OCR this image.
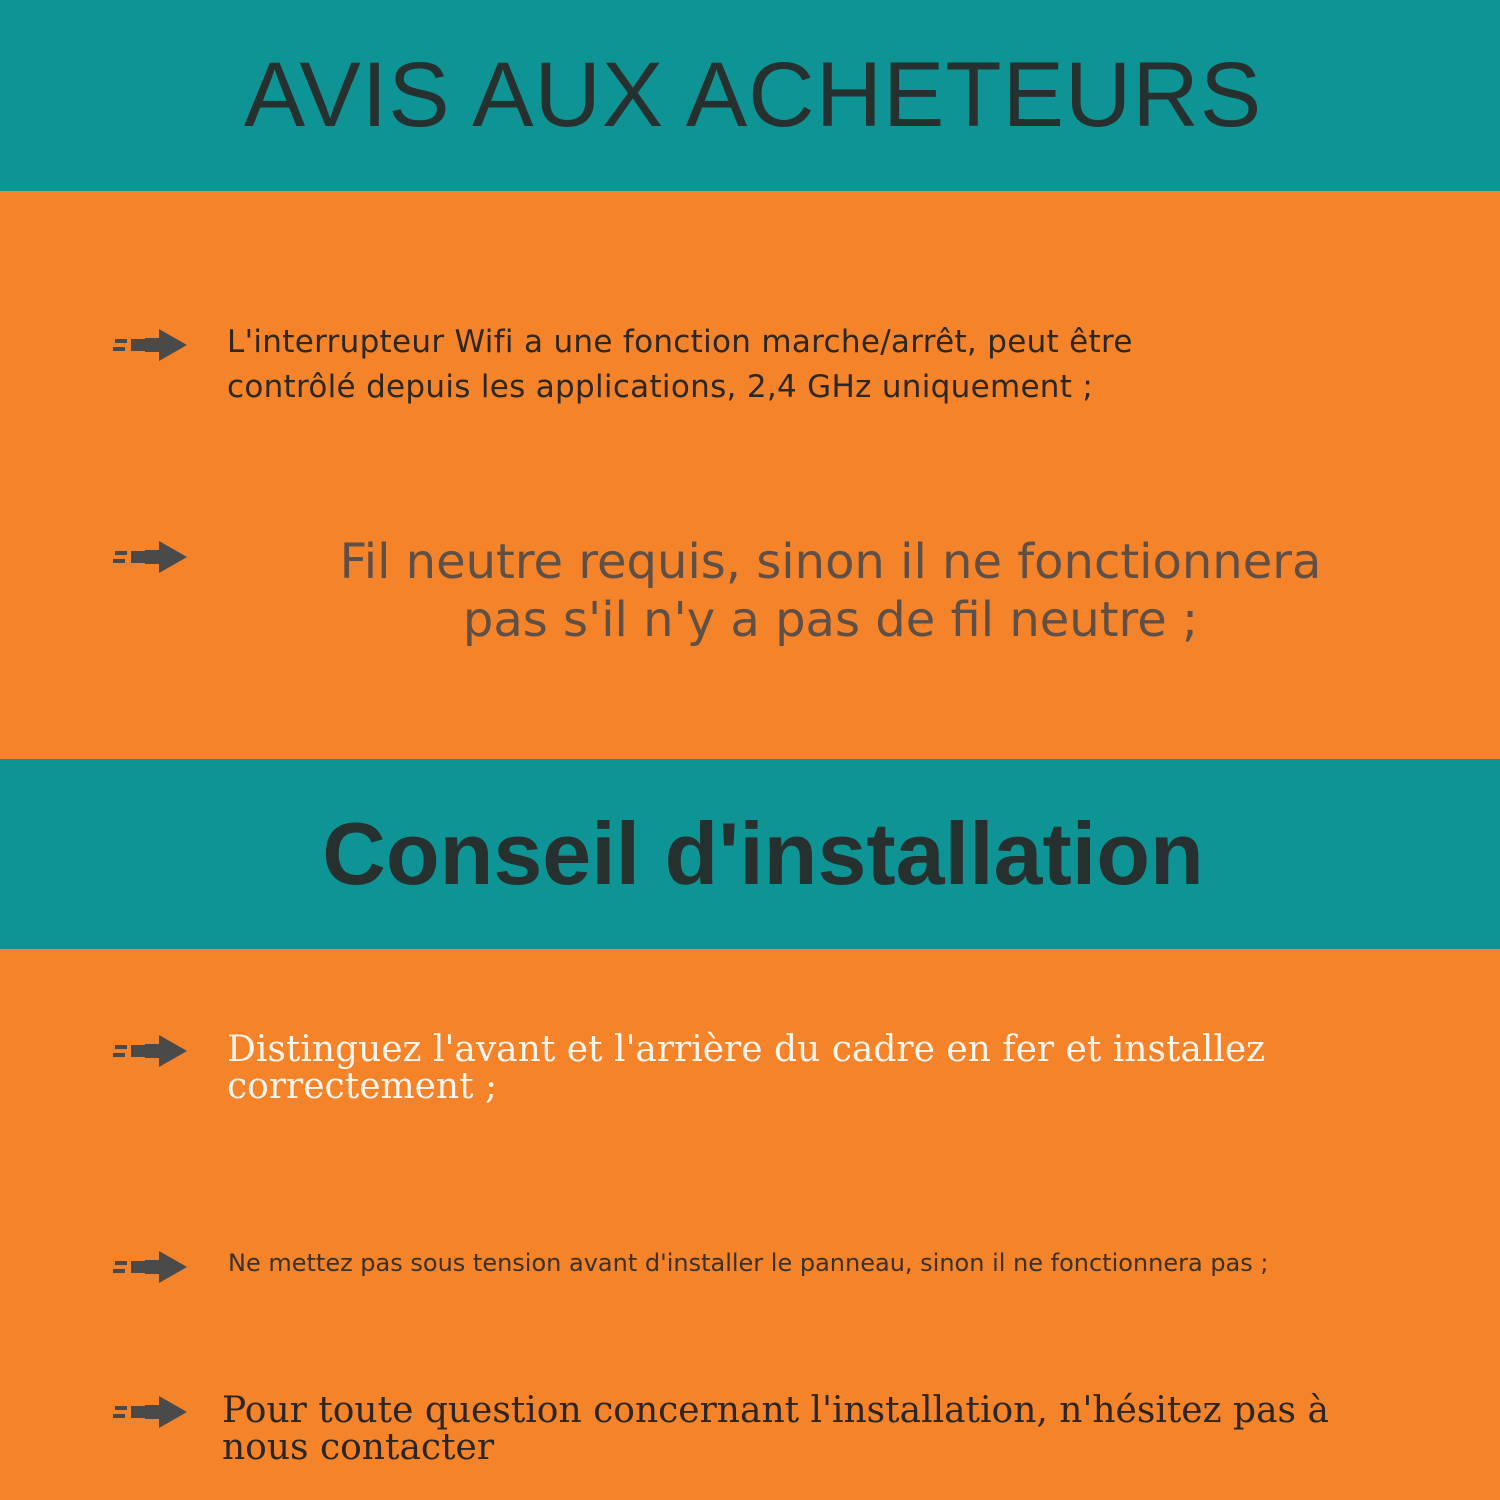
AVIS AUX ACHETEURS
L'interrupteur Wifi a une fonction marche/arrêt, peut être
contrôlé depuis les applications, 2,4 GHz uniquement ;
Fil neutre requis, sinon il ne fonctionnera
pas s'il n'y a pas de fil neutre ;
Conseil d'installation
Distinguez l'avant et l'arrière du cadre en fer et installez
correctement ;
Ne mettez pas sous tension avant d'installer le panneau, sinon il ne fonctionnera pas ;
Pour toute question concernant l'installation, n'hésitez pas à
nous contacter
